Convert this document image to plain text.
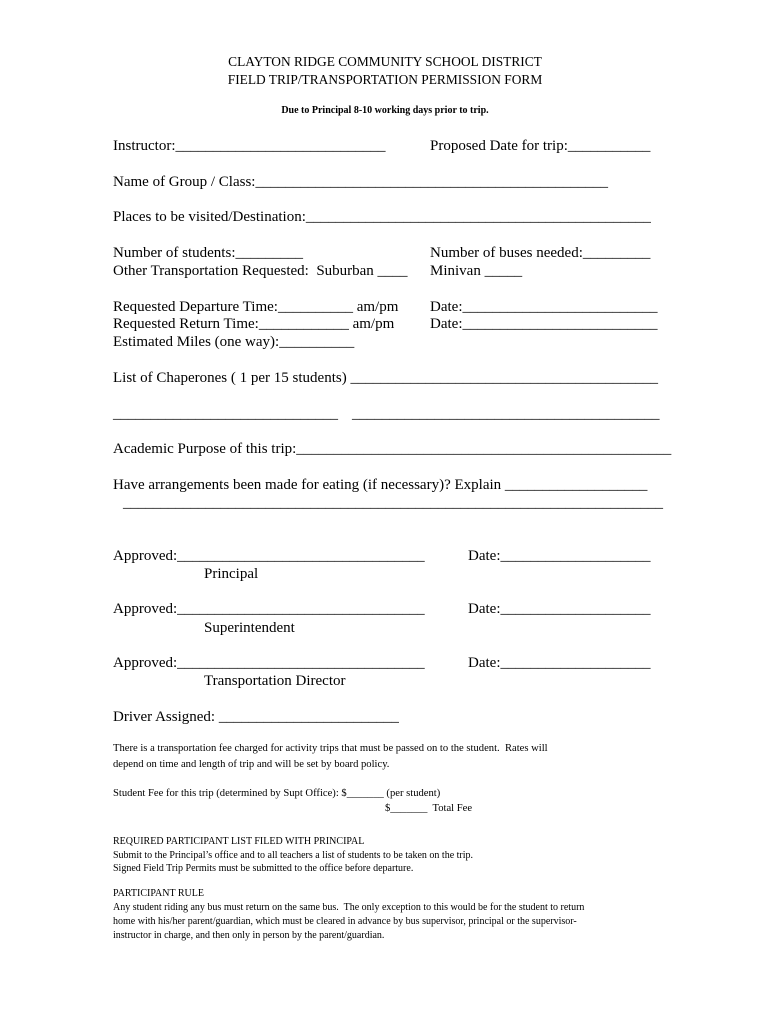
CLAYTON RIDGE COMMUNITY SCHOOL DISTRICT
FIELD TRIP/TRANSPORTATION PERMISSION FORM
Due to Principal 8-10 working days prior to trip.
Instructor:____________________________	Proposed Date for trip:___________
Name of Group / Class:_______________________________________________
Places to be visited/Destination:______________________________________________
Number of students:_________	Number of buses needed:_________
Other Transportation Requested:  Suburban ____ Minivan _____
Requested Departure Time:__________ am/pm Date:__________________________
Requested Return Time:____________ am/pm Date:__________________________
Estimated Miles (one way):__________
List of Chaperones ( 1 per 15 students) _________________________________________
______________________________ _________________________________________
Academic Purpose of this trip:__________________________________________________
Have arrangements been made for eating (if necessary)? Explain ___________________
________________________________________________________________________
Approved:_________________________________	Date:____________________
Principal
Approved:_________________________________	Date:____________________
Superintendent
Approved:_________________________________	Date:____________________
Transportation Director
Driver Assigned: ________________________
There is a transportation fee charged for activity trips that must be passed on to the student.  Rates will
depend on time and length of trip and will be set by board policy.
Student Fee for this trip (determined by Supt Office): $_______ (per student)
$_______  Total Fee
REQUIRED PARTICIPANT LIST FILED WITH PRINCIPAL
Submit to the Principal’s office and to all teachers a list of students to be taken on the trip.
Signed Field Trip Permits must be submitted to the office before departure.
PARTICIPANT RULE
Any student riding any bus must return on the same bus.  The only exception to this would be for the student to return
home with his/her parent/guardian, which must be cleared in advance by bus supervisor, principal or the supervisor-
instructor in charge, and then only in person by the parent/guardian.
